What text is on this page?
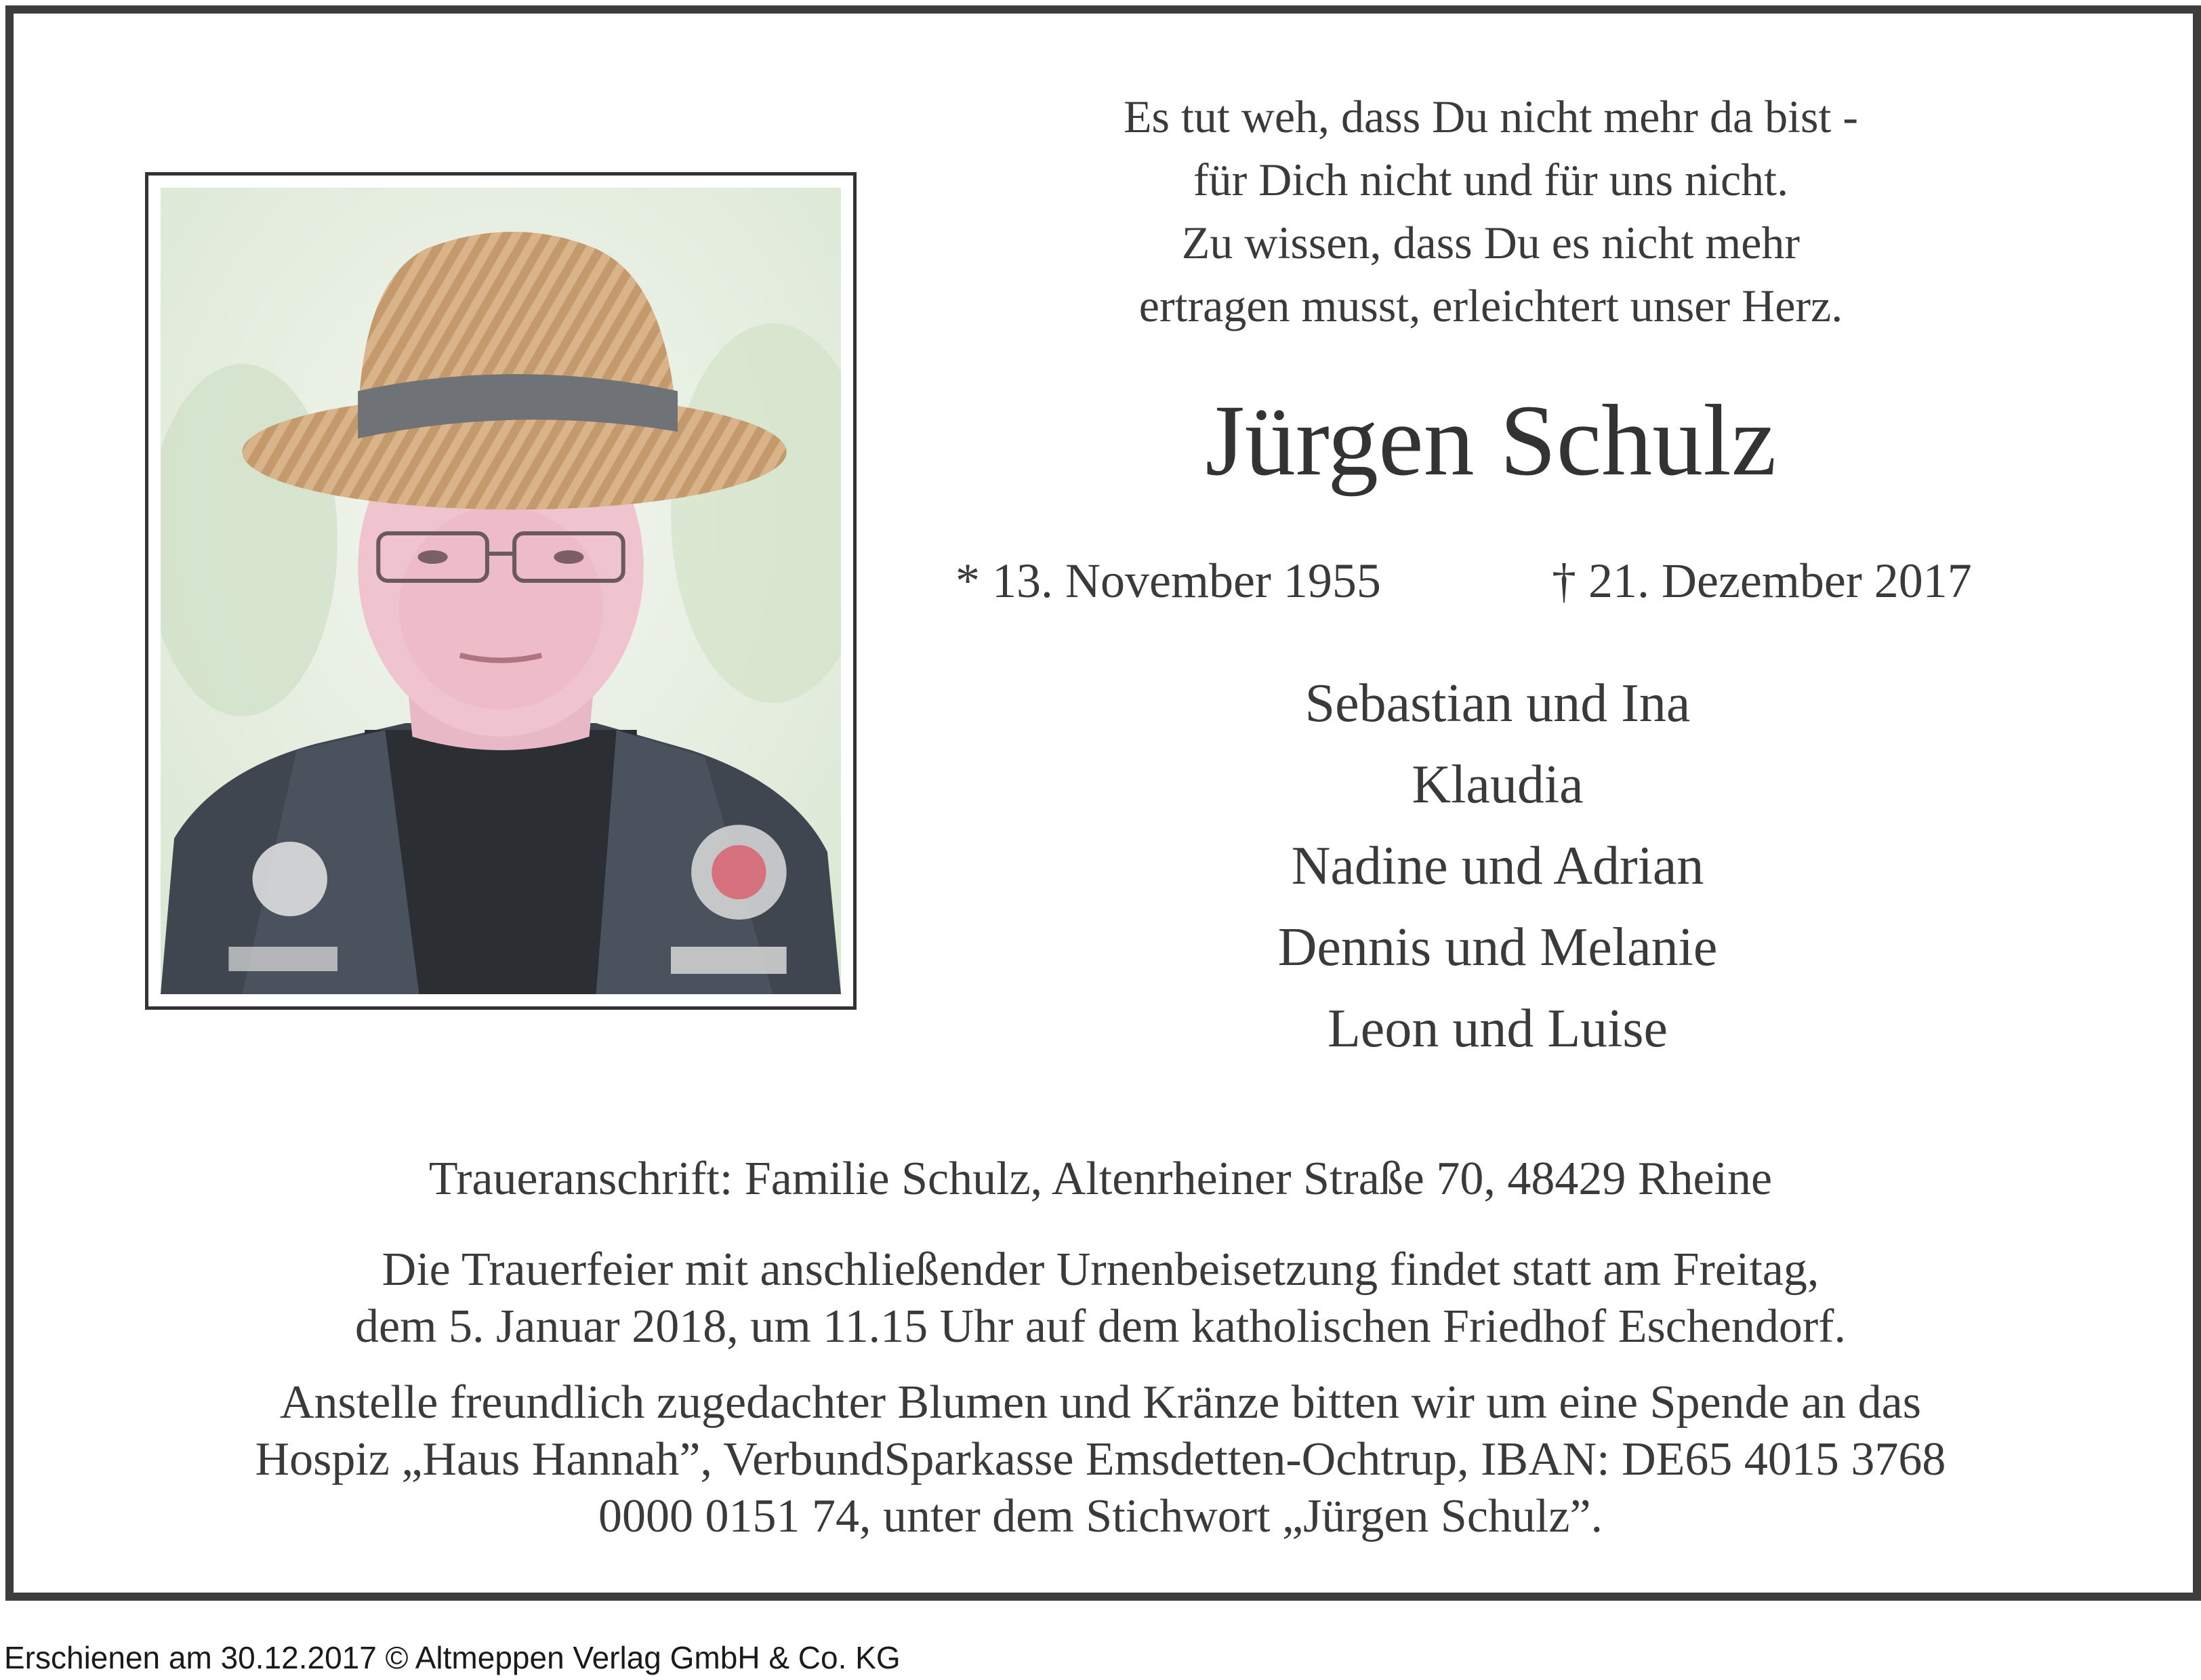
Es tut weh, dass Du nicht mehr da bist -
für Dich nicht und für uns nicht.
Zu wissen, dass Du es nicht mehr
ertragen musst, erleichtert unser Herz.
Jürgen Schulz
* 13. November 1955	† 21. Dezember 2017
Sebastian und Ina
Klaudia
Nadine und Adrian
Dennis und Melanie
Leon und Luise
Traueranschrift: Familie Schulz, Altenrheiner Straße 70, 48429 Rheine
Die Trauerfeier mit anschließender Urnenbeisetzung findet statt am Freitag,
dem 5. Januar 2018, um 11.15 Uhr auf dem katholischen Friedhof Eschendorf.
Anstelle freundlich zugedachter Blumen und Kränze bitten wir um eine Spende an das
Hospiz „Haus Hannah”, VerbundSparkasse Emsdetten-Ochtrup, IBAN: DE65 4015 3768
0000 0151 74, unter dem Stichwort „Jürgen Schulz”.
Erschienen am 30.12.2017 © Altmeppen Verlag GmbH & Co. KG
